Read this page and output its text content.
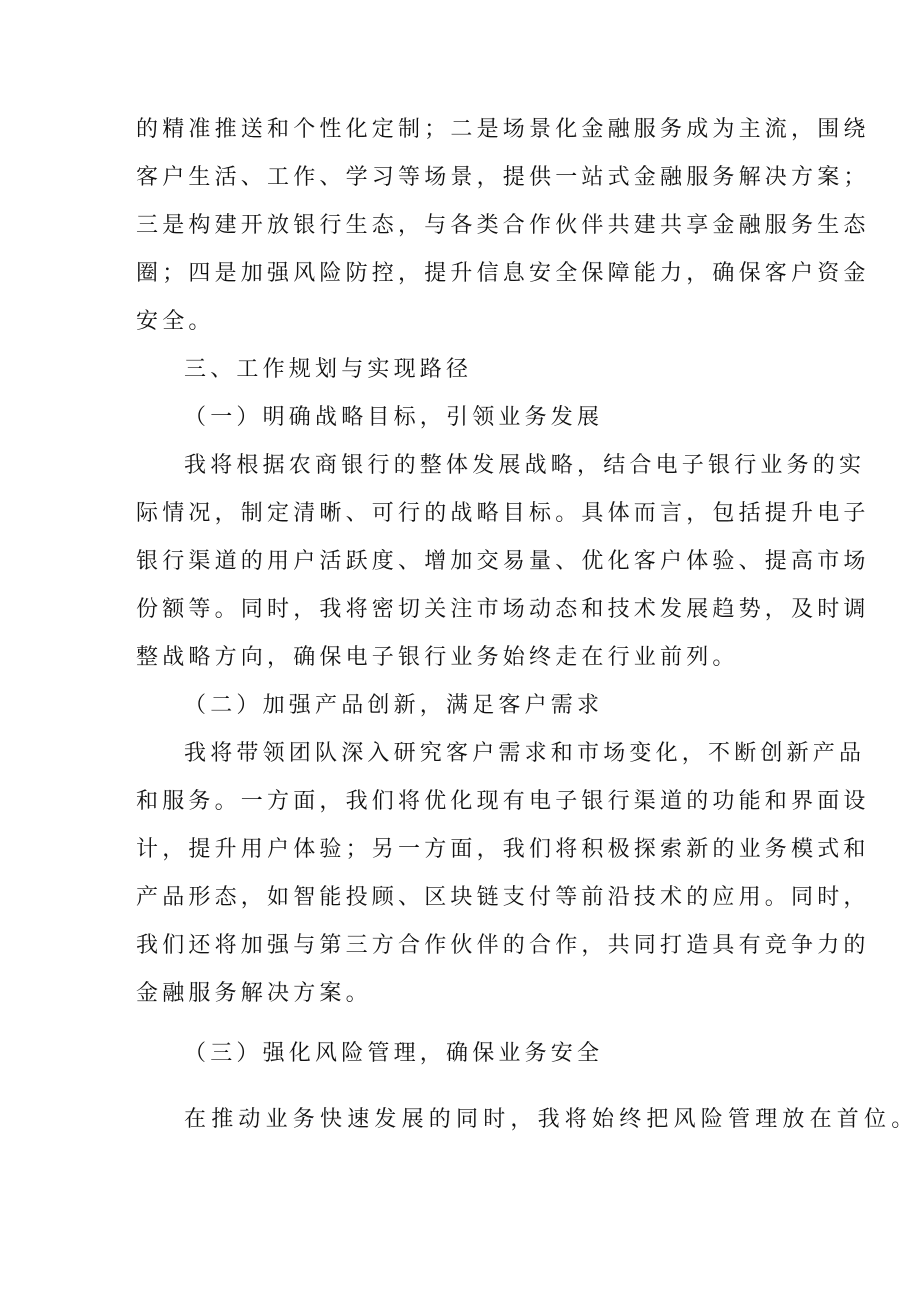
的精准推送和个性化定制；二是场景化金融服务成为主流，围绕
客户生活、工作、学习等场景，提供一站式金融服务解决方案；
三是构建开放银行生态，与各类合作伙伴共建共享金融服务生态
圈；四是加强风险防控，提升信息安全保障能力，确保客户资金
安全。
三、工作规划与实现路径
（一）明确战略目标，引领业务发展
我将根据农商银行的整体发展战略，结合电子银行业务的实
际情况，制定清晰、可行的战略目标。具体而言，包括提升电子
银行渠道的用户活跃度、增加交易量、优化客户体验、提高市场
份额等。同时，我将密切关注市场动态和技术发展趋势，及时调
整战略方向，确保电子银行业务始终走在行业前列。
（二）加强产品创新，满足客户需求
我将带领团队深入研究客户需求和市场变化，不断创新产品
和服务。一方面，我们将优化现有电子银行渠道的功能和界面设
计，提升用户体验；另一方面，我们将积极探索新的业务模式和
产品形态，如智能投顾、区块链支付等前沿技术的应用。同时，
我们还将加强与第三方合作伙伴的合作，共同打造具有竞争力的
金融服务解决方案。
（三）强化风险管理，确保业务安全
在推动业务快速发展的同时，我将始终把风险管理放在首位。
